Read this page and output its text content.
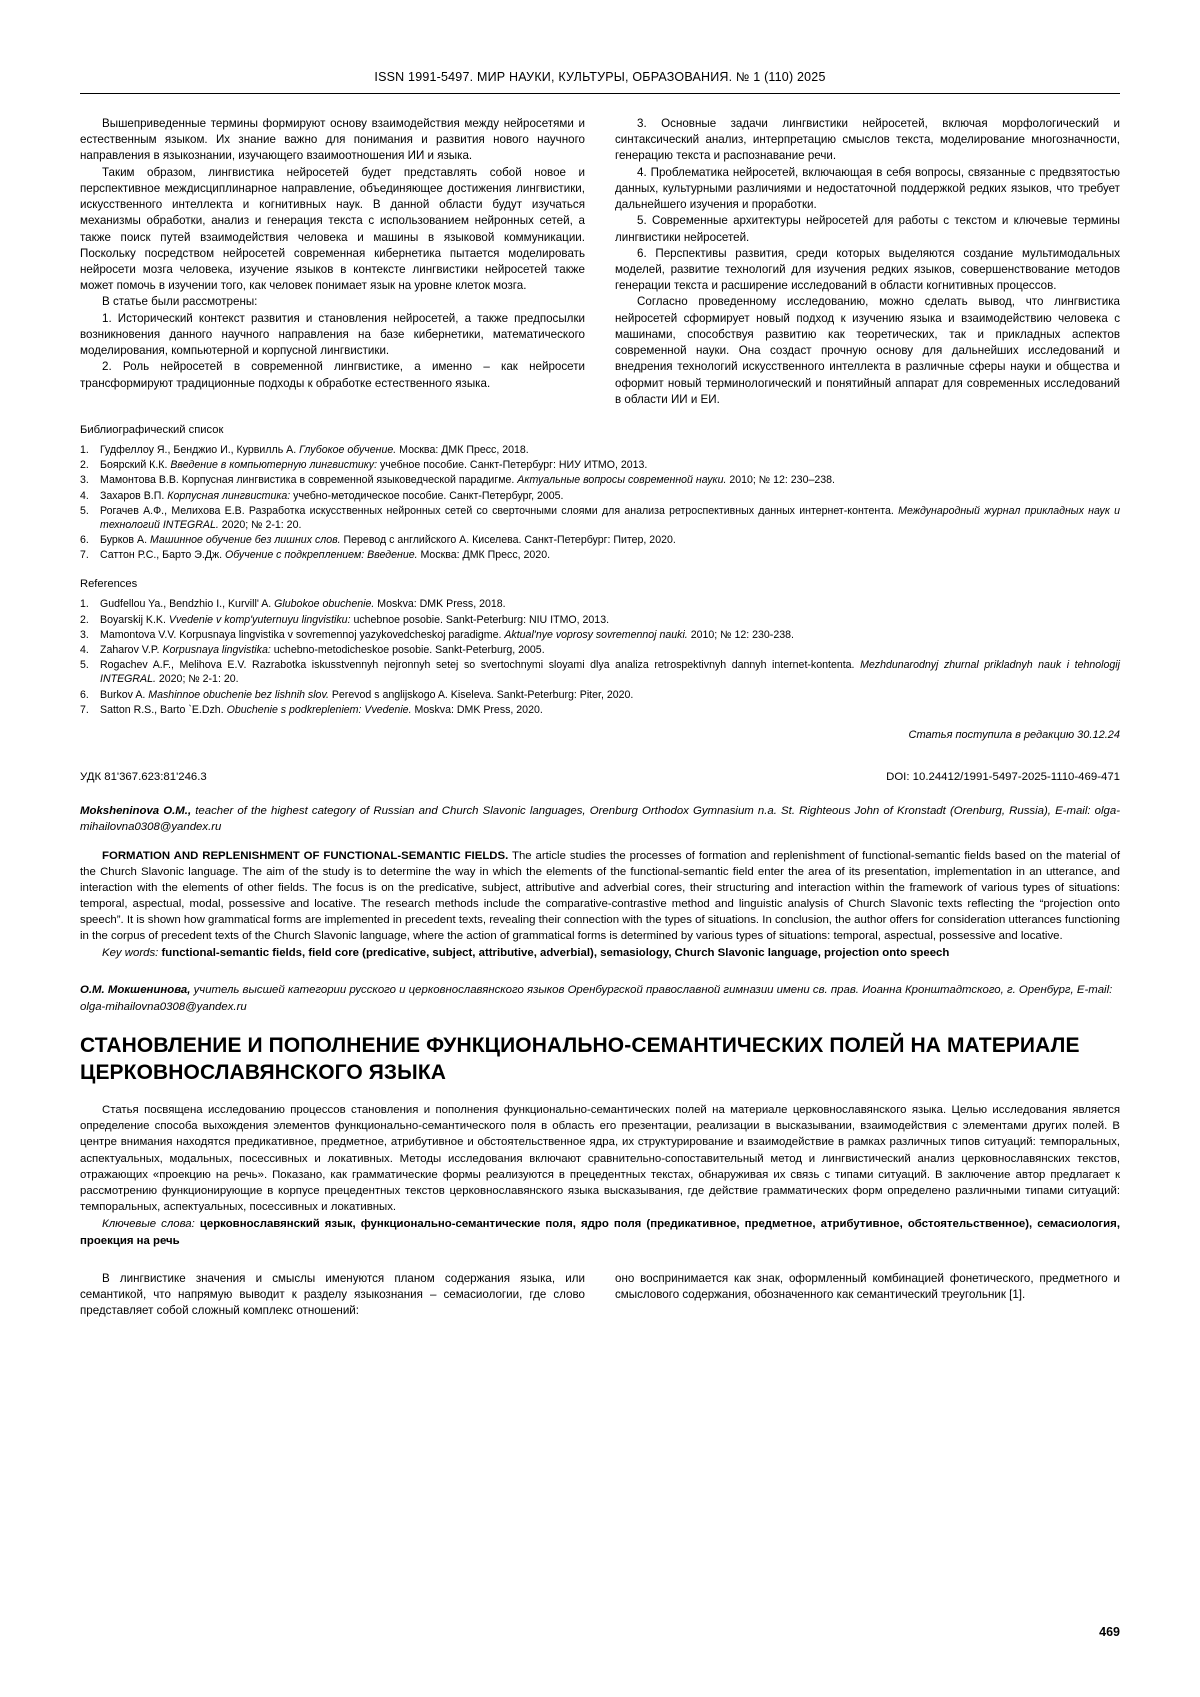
ISSN 1991-5497. МИР НАУКИ, КУЛЬТУРЫ, ОБРАЗОВАНИЯ. № 1 (110) 2025

Вышеприведенные термины формируют основу взаимодействия между нейросетями и естественным языком. Их знание важно для понимания и развития нового научного направления в языкознании, изучающего взаимоотношения ИИ и языка.

Таким образом, лингвистика нейросетей будет представлять собой новое и перспективное междисциплинарное направление, объединяющее достижения лингвистики, искусственного интеллекта и когнитивных наук. В данной области будут изучаться механизмы обработки, анализ и генерация текста с использованием нейронных сетей, а также поиск путей взаимодействия человека и машины в языковой коммуникации. Поскольку посредством нейросетей современная кибернетика пытается моделировать нейросети мозга человека, изучение языков в контексте лингвистики нейросетей также может помочь в изучении того, как человек понимает язык на уровне клеток мозга.

В статье были рассмотрены:

1. Исторический контекст развития и становления нейросетей, а также предпосылки возникновения данного научного направления на базе кибернетики, математического моделирования, компьютерной и корпусной лингвистики.

2. Роль нейросетей в современной лингвистике, а именно – как нейросети трансформируют традиционные подходы к обработке естественного языка.

3. Основные задачи лингвистики нейросетей, включая морфологический и синтаксический анализ, интерпретацию смыслов текста, моделирование многозначности, генерацию текста и распознавание речи.

4. Проблематика нейросетей, включающая в себя вопросы, связанные с предвзятостью данных, культурными различиями и недостаточной поддержкой редких языков, что требует дальнейшего изучения и проработки.

5. Современные архитектуры нейросетей для работы с текстом и ключевые термины лингвистики нейросетей.

6. Перспективы развития, среди которых выделяются создание мультимодальных моделей, развитие технологий для изучения редких языков, совершенствование методов генерации текста и расширение исследований в области когнитивных процессов.

Согласно проведенному исследованию, можно сделать вывод, что лингвистика нейросетей сформирует новый подход к изучению языка и взаимодействию человека с машинами, способствуя развитию как теоретических, так и прикладных аспектов современной науки. Она создаст прочную основу для дальнейших исследований и внедрения технологий искусственного интеллекта в различные сферы науки и общества и оформит новый терминологический и понятийный аппарат для современных исследований в области ИИ и ЕИ.

Библиографический список
1.	Гудфеллоу Я., Бенджио И., Курвилль А. Глубокое обучение. Москва: ДМК Пресс, 2018.
2.	Боярский К.К. Введение в компьютерную лингвистику: учебное пособие. Санкт-Петербург: НИУ ИТМО, 2013.
3.	Мамонтова В.В. Корпусная лингвистика в современной языковедческой парадигме. Актуальные вопросы современной науки. 2010; № 12: 230–238.
4.	Захаров В.П. Корпусная лингвистика: учебно-методическое пособие. Санкт-Петербург, 2005.
5.	Рогачев А.Ф., Мелихова Е.В. Разработка искусственных нейронных сетей со сверточными слоями для анализа ретроспективных данных интернет-контента. Международный журнал прикладных наук и технологий INTEGRAL. 2020; № 2-1: 20.
6.	Бурков А. Машинное обучение без лишних слов. Перевод с английского А. Киселева. Санкт-Петербург: Питер, 2020.
7.	Саттон Р.С., Барто Э.Дж. Обучение с подкреплением: Введение. Москва: ДМК Пресс, 2020.
References
1.	Gudfellou Ya., Bendzhio I., Kurvill' A. Glubokoe obuchenie. Moskva: DMK Press, 2018.
2.	Boyarskij K.K. Vvedenie v komp'yuternuyu lingvistiku: uchebnoe posobie. Sankt-Peterburg: NIU ITMO, 2013.
3.	Mamontova V.V. Korpusnaya lingvistika v sovremennoj yazykovedcheskoj paradigme. Aktual'nye voprosy sovremennoj nauki. 2010; № 12: 230-238.
4.	Zaharov V.P. Korpusnaya lingvistika: uchebno-metodicheskoe posobie. Sankt-Peterburg, 2005.
5.	Rogachev A.F., Melihova E.V. Razrabotka iskusstvennyh nejronnyh setej so svertochnymi sloyami dlya analiza retrospektivnyh dannyh internet-kontenta. Mezhdunarodnyj zhurnal prikladnyh nauk i tehnologij INTEGRAL. 2020; № 2-1: 20.
6.	Burkov A. Mashinnoe obuchenie bez lishnih slov. Perevod s anglijskogo A. Kiseleva. Sankt-Peterburg: Piter, 2020.
7.	Satton R.S., Barto `E.Dzh. Obuchenie s podkrepleniem: Vvedenie. Moskva: DMK Press, 2020.
Статья поступила в редакцию 30.12.24
УДК 81'367.623:81'246.3	DOI: 10.24412/1991-5497-2025-1110-469-471
Moksheninova O.M., teacher of the highest category of Russian and Church Slavonic languages, Orenburg Orthodox Gymnasium n.a. St. Righteous John of Kronstadt (Orenburg, Russia), E-mail: olga-mihailovna0308@yandex.ru
FORMATION AND REPLENISHMENT OF FUNCTIONAL-SEMANTIC FIELDS. The article studies the processes of formation and replenishment of functional-semantic fields based on the material of the Church Slavonic language. The aim of the study is to determine the way in which the elements of the functional-semantic field enter the area of its presentation, implementation in an utterance, and interaction with the elements of other fields. The focus is on the predicative, subject, attributive and adverbial cores, their structuring and interaction within the framework of various types of situations: temporal, aspectual, modal, possessive and locative. The research methods include the comparative-contrastive method and linguistic analysis of Church Slavonic texts reflecting the “projection onto speech”. It is shown how grammatical forms are implemented in precedent texts, revealing their connection with the types of situations. In conclusion, the author offers for consideration utterances functioning in the corpus of precedent texts of the Church Slavonic language, where the action of grammatical forms is determined by various types of situations: temporal, aspectual, possessive and locative.
Key words: functional-semantic fields, field core (predicative, subject, attributive, adverbial), semasiology, Church Slavonic language, projection onto speech
О.М. Мокшенинова, учитель высшей категории русского и церковнославянского языков Оренбургской православной гимназии имени св. прав. Иоанна Кронштадтского, г. Оренбург, E-mail: olga-mihailovna0308@yandex.ru
СТАНОВЛЕНИЕ И ПОПОЛНЕНИЕ ФУНКЦИОНАЛЬНО-СЕМАНТИЧЕСКИХ ПОЛЕЙ НА МАТЕРИАЛЕ ЦЕРКОВНОСЛАВЯНСКОГО ЯЗЫКА
Статья посвящена исследованию процессов становления и пополнения функционально-семантических полей на материале церковнославянского языка. Целью исследования является определение способа выхождения элементов функционально-семантического поля в область его презентации, реализации в высказывании, взаимодействия с элементами других полей. В центре внимания находятся предикативное, предметное, атрибутивное и обстоятельственное ядра, их структурирование и взаимодействие в рамках различных типов ситуаций: темпоральных, аспектуальных, модальных, посессивных и локативных. Методы исследования включают сравнительно-сопоставительный метод и лингвистический анализ церковнославянских текстов, отражающих «проекцию на речь». Показано, как грамматические формы реализуются в прецедентных текстах, обнаруживая их связь с типами ситуаций. В заключение автор предлагает к рассмотрению функционирующие в корпусе прецедентных текстов церковнославянского языка высказывания, где действие грамматических форм определено различными типами ситуаций: темпоральных, аспектуальных, посессивных и локативных.
Ключевые слова: церковнославянский язык, функционально-семантические поля, ядро поля (предикативное, предметное, атрибутивное, обстоятельственное), семасиология, проекция на речь

В лингвистике значения и смыслы именуются планом содержания языка, или семантикой, что напрямую выводит к разделу языкознания – семасиологии, где слово представляет собой сложный комплекс отношений:

оно воспринимается как знак, оформленный комбинацией фонетического, предметного и смыслового содержания, обозначенного как семантический треугольник [1].

469
